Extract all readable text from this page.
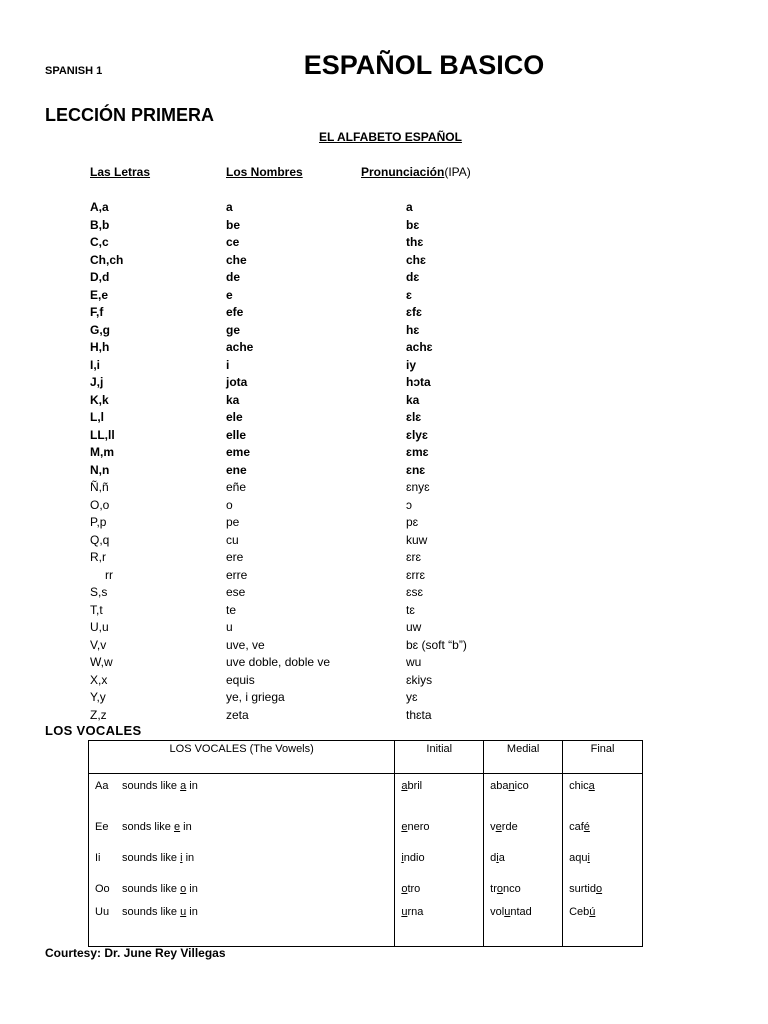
SPANISH 1	ESPAÑOL BASICO
LECCIÓN PRIMERA
EL ALFABETO ESPAÑOL
Las Letras	Los Nombres	Pronunciación(IPA)
A,a	a	a
B,b	be	bɛ
C,c	ce	thɛ
Ch,ch	che	chɛ
D,d	de	dɛ
E,e	e	ɛ
F,f	efe	ɛfɛ
G,g	ge	hɛ
H,h	ache	achɛ
I,i	i	iy
J,j	jota	hɔta
K,k	ka	ka
L,l	ele	ɛlɛ
LL,ll	elle	ɛlyɛ
M,m	eme	ɛmɛ
N,n	ene	ɛnɛ
Ñ,ñ	eñe	ɛnyɛ
O,o	o	ɔ
P,p	pe	pɛ
Q,q	cu	kuw
R,r	ere	ɛrɛ
rr	erre	ɛrrɛ
S,s	ese	ɛsɛ
T,t	te	tɛ
U,u	u	uw
V,v	uve, ve	bɛ (soft “b”)
W,w	uve doble, doble ve	wu
X,x	equis	ɛkiys
Y,y	ye, i griega	yɛ
Z,z	zeta	thɛta
LOS VOCALES
LOS VOCALES (The Vowels)	Initial	Medial	Final
Aa sounds like a in	abril	abanico	chica
Ee sonds like e in	enero	verde	café
Ii sounds like i in	indio	dia	aqui
Oo sounds like o in	otro	tronco	surtido
Uu sounds like u in	urna	voluntad	Cebú
Courtesy: Dr. June Rey Villegas
